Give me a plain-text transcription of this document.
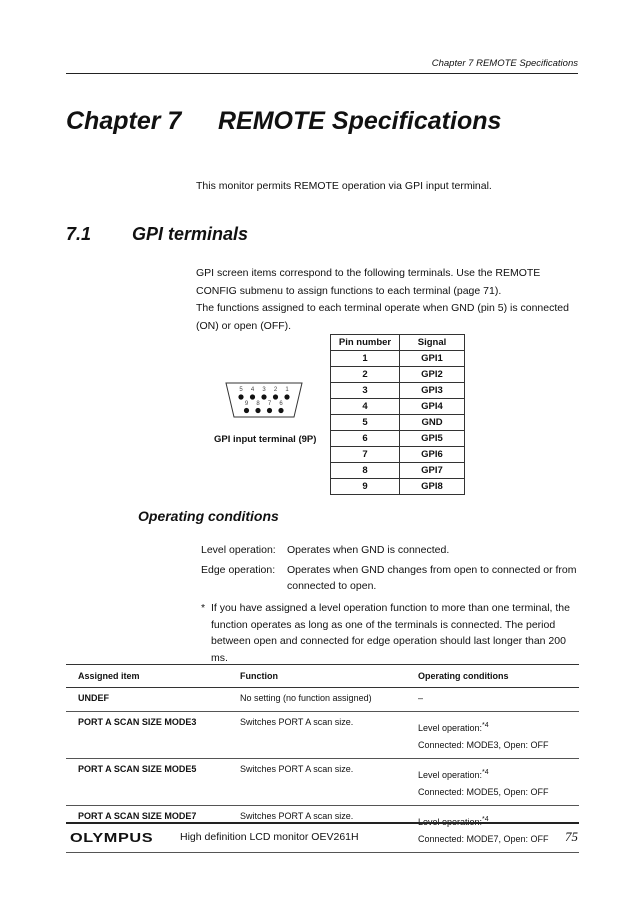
Chapter 7 REMOTE Specifications
Chapter 7 REMOTE Specifications
This monitor permits REMOTE operation via GPI input terminal.
7.1 GPI terminals

GPI screen items correspond to the following terminals. Use the REMOTE CONFIG submenu to assign functions to each terminal (page 71).

The functions assigned to each terminal operate when GND (pin 5) is connected (ON) or open (OFF).

5 4 3 2 1
9 8 7 6
GPI input terminal (9P)
Pin number	Signal
1	GPI1
2	GPI2
3	GPI3
4	GPI4
5	GND
6	GPI5
7	GPI6
8	GPI7
9	GPI8
Operating conditions
Level operation: Operates when GND is connected.
Edge operation: Operates when GND changes from open to connected or from connected to open.
* If you have assigned a level operation function to more than one terminal, the function operates as long as one of the terminals is connected. The period between open and connected for edge operation should last longer than 200 ms.
Assigned item	Function	Operating conditions
UNDEF	No setting (no function assigned)	–
PORT A SCAN SIZE MODE3	Switches PORT A scan size.	Level operation:$^{*4}$
Connected: MODE3, Open: OFF

PORT A SCAN SIZE MODE5	Switches PORT A scan size.	Level operation:$^{*4}$
Connected: MODE5, Open: OFF

PORT A SCAN SIZE MODE7	Switches PORT A scan size.	Level operation:$^{*4}$
Connected: MODE7, Open: OFF
OLYMPUS	High definition LCD monitor OEV261H	75
